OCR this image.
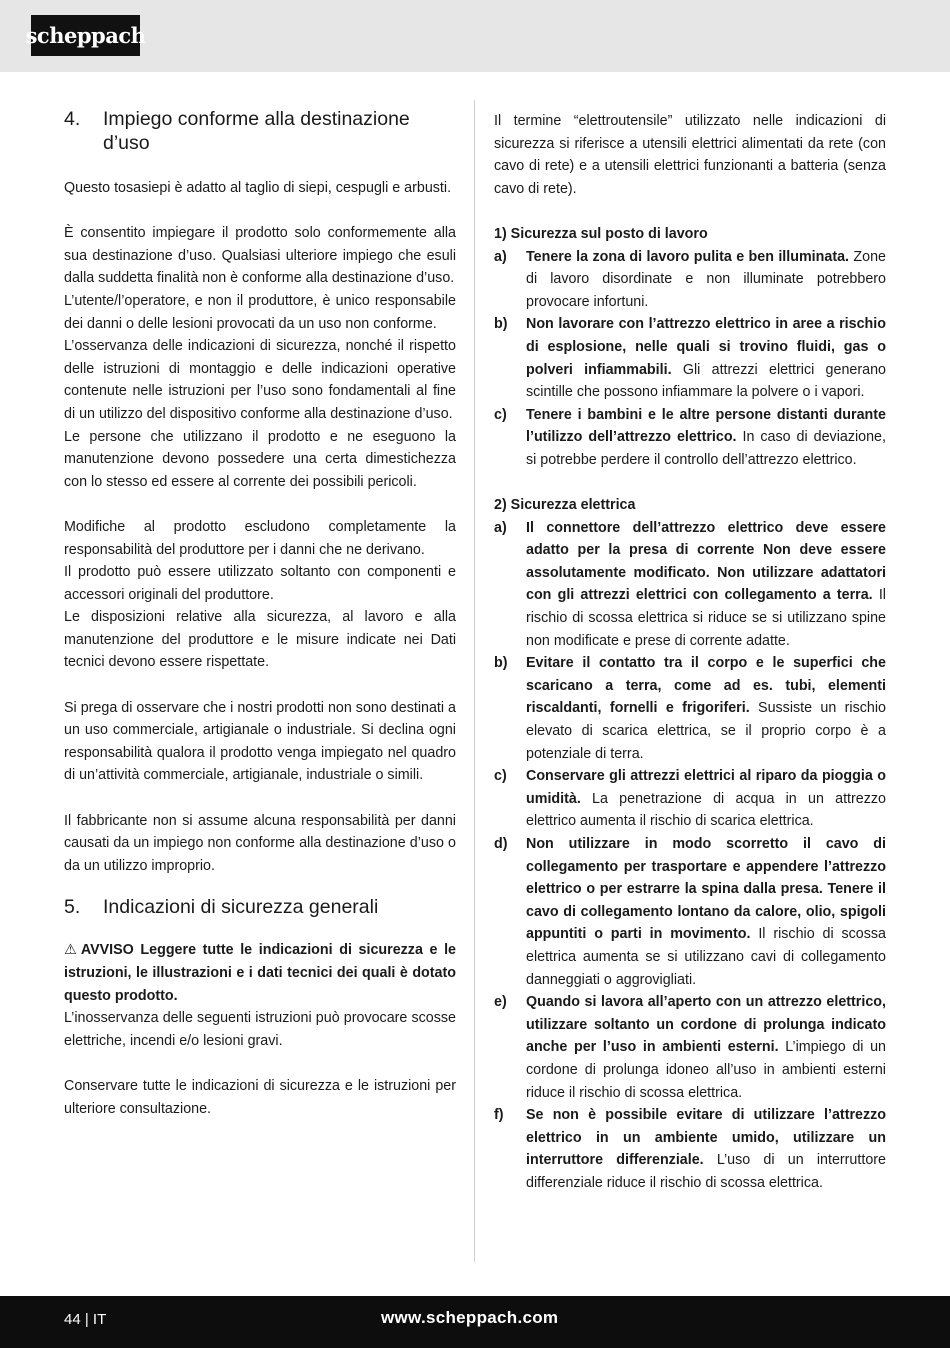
scheppach
4.	Impiego conforme alla destinazione d’uso

Questo tosasiepi è adatto al taglio di siepi, cespugli e arbusti.

È consentito impiegare il prodotto solo conformemente alla sua destinazione d’uso. Qualsiasi ulteriore impiego che esuli dalla suddetta finalità non è conforme alla destinazione d’uso.

L’utente/l’operatore, e non il produttore, è unico responsabile dei danni o delle lesioni provocati da un uso non conforme.

L’osservanza delle indicazioni di sicurezza, nonché il rispetto delle istruzioni di montaggio e delle indicazioni operative contenute nelle istruzioni per l’uso sono fondamentali al fine di un utilizzo del dispositivo conforme alla destinazione d’uso.

Le persone che utilizzano il prodotto e ne eseguono la manutenzione devono possedere una certa dimestichezza con lo stesso ed essere al corrente dei possibili pericoli.

Modifiche al prodotto escludono completamente la responsabilità del produttore per i danni che ne derivano.

Il prodotto può essere utilizzato soltanto con componenti e accessori originali del produttore.

Le disposizioni relative alla sicurezza, al lavoro e alla manutenzione del produttore e le misure indicate nei Dati tecnici devono essere rispettate.

Si prega di osservare che i nostri prodotti non sono destinati a un uso commerciale, artigianale o industriale. Si declina ogni responsabilità qualora il prodotto venga impiegato nel quadro di un’attività commerciale, artigianale, industriale o simili.

Il fabbricante non si assume alcuna responsabilità per danni causati da un impiego non conforme alla destinazione d’uso o da un utilizzo improprio.

5.	Indicazioni di sicurezza generali

⚠ AVVISO Leggere tutte le indicazioni di sicurezza e le istruzioni, le illustrazioni e i dati tecnici dei quali è dotato questo prodotto.

L’inosservanza delle seguenti istruzioni può provocare scosse elettriche, incendi e/o lesioni gravi.

Conservare tutte le indicazioni di sicurezza e le istruzioni per ulteriore consultazione.

Il termine “elettroutensile” utilizzato nelle indicazioni di sicurezza si riferisce a utensili elettrici alimentati da rete (con cavo di rete) e a utensili elettrici funzionanti a batteria (senza cavo di rete).

1) Sicurezza sul posto di lavoro
a)	Tenere la zona di lavoro pulita e ben illuminata. Zone di lavoro disordinate e non illuminate potrebbero provocare infortuni.
b)	Non lavorare con l’attrezzo elettrico in aree a rischio di esplosione, nelle quali si trovino fluidi, gas o polveri infiammabili. Gli attrezzi elettrici generano scintille che possono infiammare la polvere o i vapori.
c)	Tenere i bambini e le altre persone distanti durante l’utilizzo dell’attrezzo elettrico. In caso di deviazione, si potrebbe perdere il controllo dell’attrezzo elettrico.
2) Sicurezza elettrica
a)	Il connettore dell’attrezzo elettrico deve essere adatto per la presa di corrente Non deve essere assolutamente modificato. Non utilizzare adattatori con gli attrezzi elettrici con collegamento a terra. Il rischio di scossa elettrica si riduce se si utilizzano spine non modificate e prese di corrente adatte.
b)	Evitare il contatto tra il corpo e le superfici che scaricano a terra, come ad es. tubi, elementi riscaldanti, fornelli e frigoriferi. Sussiste un rischio elevato di scarica elettrica, se il proprio corpo è a potenziale di terra.
c)	Conservare gli attrezzi elettrici al riparo da pioggia o umidità. La penetrazione di acqua in un attrezzo elettrico aumenta il rischio di scarica elettrica.
d)	Non utilizzare in modo scorretto il cavo di collegamento per trasportare e appendere l’attrezzo elettrico o per estrarre la spina dalla presa. Tenere il cavo di collegamento lontano da calore, olio, spigoli appuntiti o parti in movimento. Il rischio di scossa elettrica aumenta se si utilizzano cavi di collegamento danneggiati o aggrovigliati.
e)	Quando si lavora all’aperto con un attrezzo elettrico, utilizzare soltanto un cordone di prolunga indicato anche per l’uso in ambienti esterni. L’impiego di un cordone di prolunga idoneo all’uso in ambienti esterni riduce il rischio di scossa elettrica.
f)	Se non è possibile evitare di utilizzare l’attrezzo elettrico in un ambiente umido, utilizzare un interruttore differenziale. L’uso di un interruttore differenziale riduce il rischio di scossa elettrica.
44 | IT	www.scheppach.com
